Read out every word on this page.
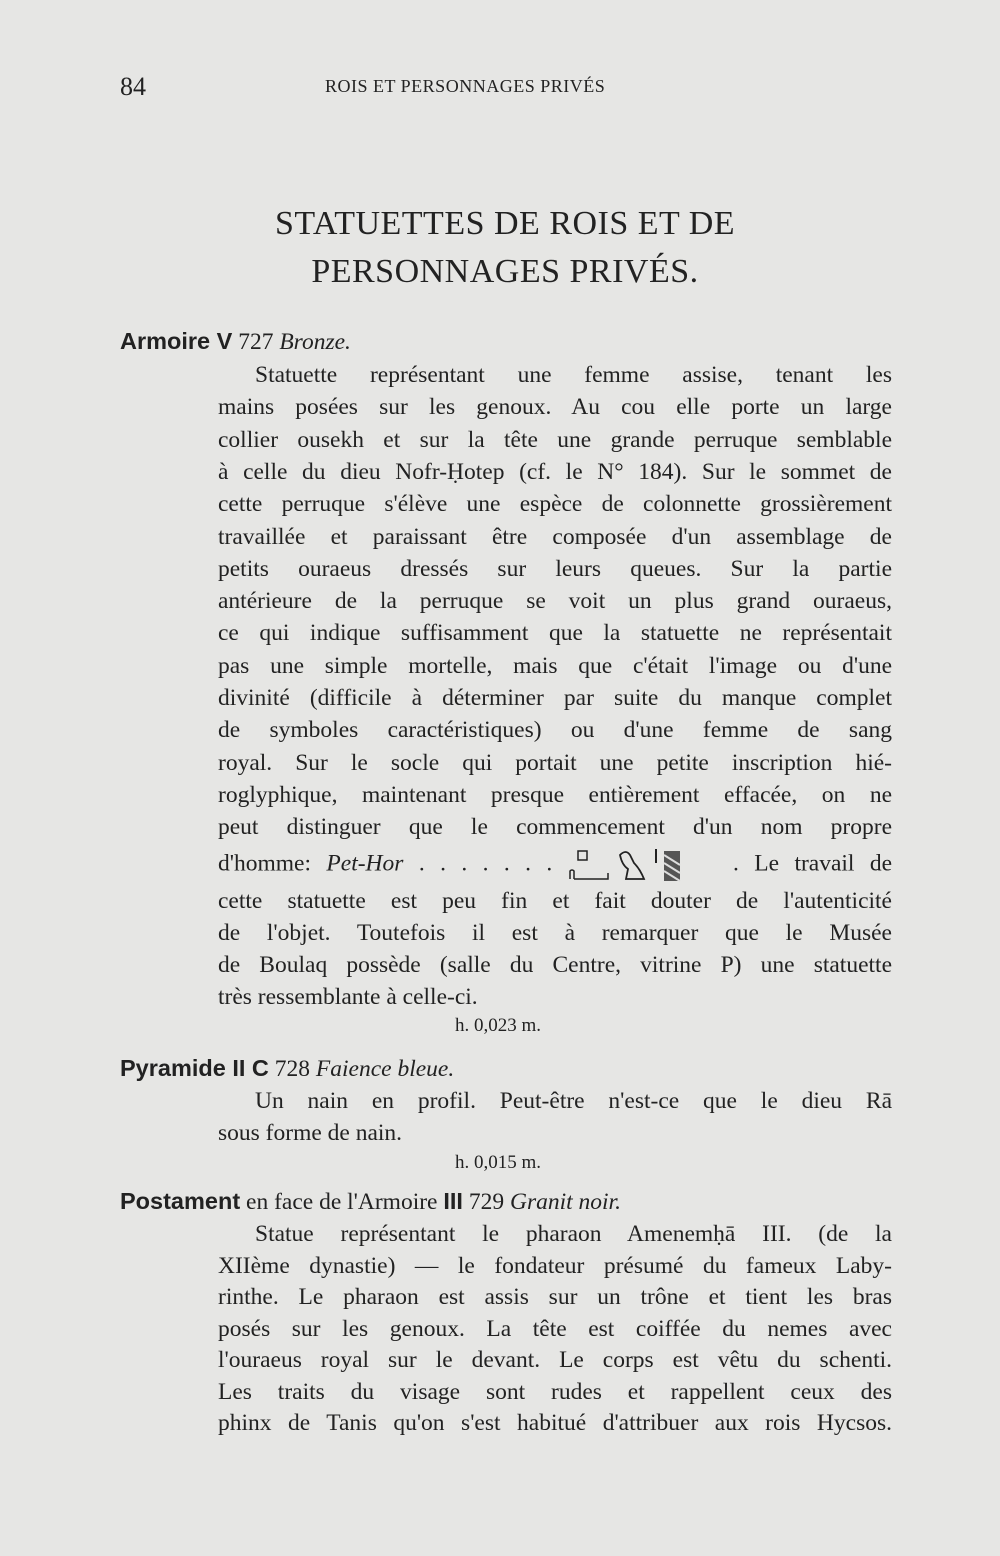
84	ROIS ET PERSONNAGES PRIVÉS
STATUETTES DE ROIS ET DE
PERSONNAGES PRIVÉS.
Armoire V 727 Bronze.
Statuette représentant une femme assise, tenant les
mains posées sur les genoux. Au cou elle porte un large
collier ousekh et sur la tête une grande perruque semblable
à celle du dieu Nofr-Ḥotep (cf. le N° 184). Sur le sommet de
cette perruque s'élève une espèce de colonnette grossièrement
travaillée et paraissant être composée d'un assemblage de
petits ouraeus dressés sur leurs queues. Sur la partie
antérieure de la perruque se voit un plus grand ouraeus,
ce qui indique suffisamment que la statuette ne représentait
pas une simple mortelle, mais que c'était l'image ou d'une
divinité (difficile à déterminer par suite du manque complet
de symboles caractéristiques) ou d'une femme de sang
royal. Sur le socle qui portait une petite inscription hié-
roglyphique, maintenant presque entièrement effacée, on ne
peut distinguer que le commencement d'un nom propre
d'homme: Pet-Hor . . . . . . .	. Le travail de
cette statuette est peu fin et fait douter de l'autenticité
de l'objet. Toutefois il est à remarquer que le Musée
de Boulaq possède (salle du Centre, vitrine P) une statuette
très ressemblante à celle-ci.
h. 0,023 m.
Pyramide II C 728 Faience bleue.
Un nain en profil. Peut-être n'est-ce que le dieu Rā
sous forme de nain.
h. 0,015 m.
Postament en face de l'Armoire III 729 Granit noir.
Statue représentant le pharaon Amenemḥā III. (de la
XIIème dynastie) — le fondateur présumé du fameux Laby-
rinthe. Le pharaon est assis sur un trône et tient les bras
posés sur les genoux. La tête est coiffée du nemes avec
l'ouraeus royal sur le devant. Le corps est vêtu du schenti.
Les traits du visage sont rudes et rappellent ceux des
phinx de Tanis qu'on s'est habitué d'attribuer aux rois Hycsos.
